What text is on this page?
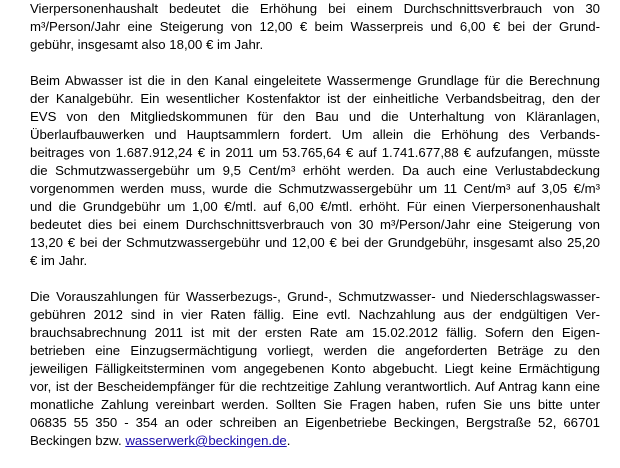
Vierpersonenhaushalt bedeutet die Erhöhung bei einem Durchschnittsverbrauch von 30
m³/Person/Jahr eine Steigerung von 12,00 € beim Wasserpreis und 6,00 € bei der Grund-
gebühr, insgesamt also 18,00 € im Jahr.
Beim Abwasser ist die in den Kanal eingeleitete Wassermenge Grundlage für die Berechnung
der Kanalgebühr. Ein wesentlicher Kostenfaktor ist der einheitliche Verbandsbeitrag, den der
EVS von den Mitgliedskommunen für den Bau und die Unterhaltung von Kläranlagen,
Überlaufbauwerken und Hauptsammlern fordert. Um allein die Erhöhung des Verbands-
beitrages von 1.687.912,24 € in 2011 um 53.765,64 € auf 1.741.677,88 € aufzufangen, müsste
die Schmutzwassergebühr um 9,5 Cent/m³ erhöht werden. Da auch eine Verlustabdeckung
vorgenommen werden muss, wurde die Schmutzwassergebühr um 11 Cent/m³ auf 3,05 €/m³
und die Grundgebühr um 1,00 €/mtl. auf 6,00 €/mtl. erhöht. Für einen Vierpersonenhaushalt
bedeutet dies bei einem Durchschnittsverbrauch von 30 m³/Person/Jahr eine Steigerung von
13,20 € bei der Schmutzwassergebühr und 12,00 € bei der Grundgebühr, insgesamt also 25,20
€ im Jahr.
Die Vorauszahlungen für Wasserbezugs-, Grund-, Schmutzwasser- und Niederschlagswasser-
gebühren 2012 sind in vier Raten fällig. Eine evtl. Nachzahlung aus der endgültigen Ver-
brauchsabrechnung 2011 ist mit der ersten Rate am 15.02.2012 fällig. Sofern den Eigen-
betrieben eine Einzugsermächtigung vorliegt, werden die angeforderten Beträge zu den
jeweiligen Fälligkeitsterminen vom angegebenen Konto abgebucht. Liegt keine Ermächtigung
vor, ist der Bescheidempfänger für die rechtzeitige Zahlung verantwortlich. Auf Antrag kann eine
monatliche Zahlung vereinbart werden. Sollten Sie Fragen haben, rufen Sie uns bitte unter
06835 55 350 - 354 an oder schreiben an Eigenbetriebe Beckingen, Bergstraße 52, 66701
Beckingen bzw. wasserwerk@beckingen.de.
